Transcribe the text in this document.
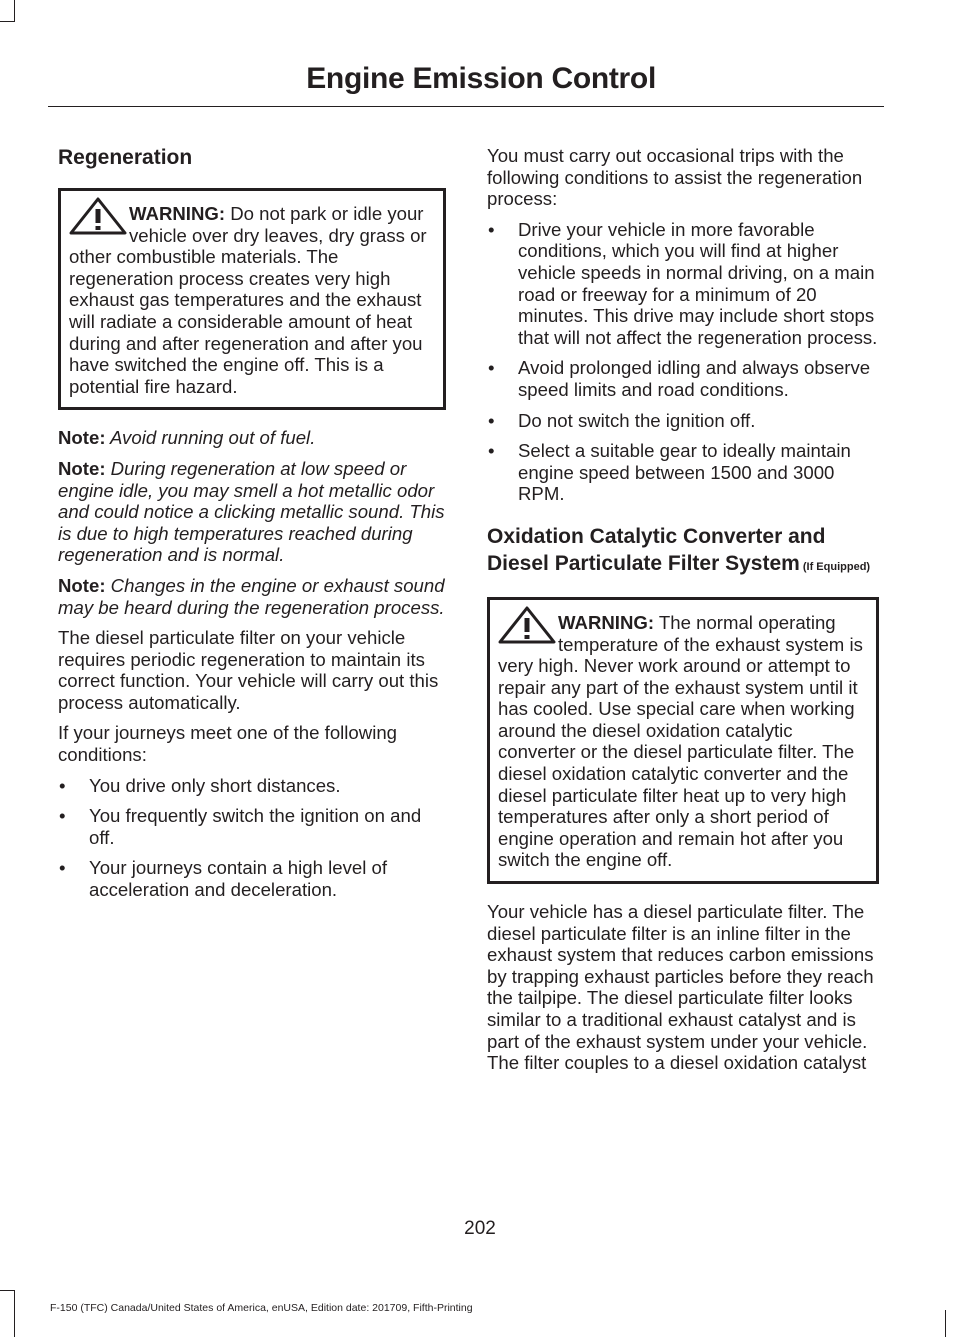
Engine Emission Control
Regeneration
WARNING: Do not park or idle your vehicle over dry leaves, dry grass or other combustible materials. The regeneration process creates very high exhaust gas temperatures and the exhaust will radiate a considerable amount of heat during and after regeneration and after you have switched the engine off. This is a potential fire hazard.

Note: Avoid running out of fuel.

Note: During regeneration at low speed or engine idle, you may smell a hot metallic odor and could notice a clicking metallic sound. This is due to high temperatures reached during regeneration and is normal.

Note: Changes in the engine or exhaust sound may be heard during the regeneration process.

The diesel particulate filter on your vehicle requires periodic regeneration to maintain its correct function. Your vehicle will carry out this process automatically.

If your journeys meet one of the following conditions:

• You drive only short distances.
• You frequently switch the ignition on and off.
• Your journeys contain a high level of acceleration and deceleration.

You must carry out occasional trips with the following conditions to assist the regeneration process:

• Drive your vehicle in more favorable conditions, which you will find at higher vehicle speeds in normal driving, on a main road or freeway for a minimum of 20 minutes. This drive may include short stops that will not affect the regeneration process.
• Avoid prolonged idling and always observe speed limits and road conditions.
• Do not switch the ignition off.
• Select a suitable gear to ideally maintain engine speed between 1500 and 3000 RPM.
Oxidation Catalytic Converter and Diesel Particulate Filter System (If Equipped)
WARNING: The normal operating temperature of the exhaust system is very high. Never work around or attempt to repair any part of the exhaust system until it has cooled. Use special care when working around the diesel oxidation catalytic converter or the diesel particulate filter. The diesel oxidation catalytic converter and the diesel particulate filter heat up to very high temperatures after only a short period of engine operation and remain hot after you switch the engine off.

Your vehicle has a diesel particulate filter. The diesel particulate filter is an inline filter in the exhaust system that reduces carbon emissions by trapping exhaust particles before they reach the tailpipe. The diesel particulate filter looks similar to a traditional exhaust catalyst and is part of the exhaust system under your vehicle. The filter couples to a diesel oxidation catalyst

202
F-150 (TFC) Canada/United States of America, enUSA, Edition date: 201709, Fifth-Printing
